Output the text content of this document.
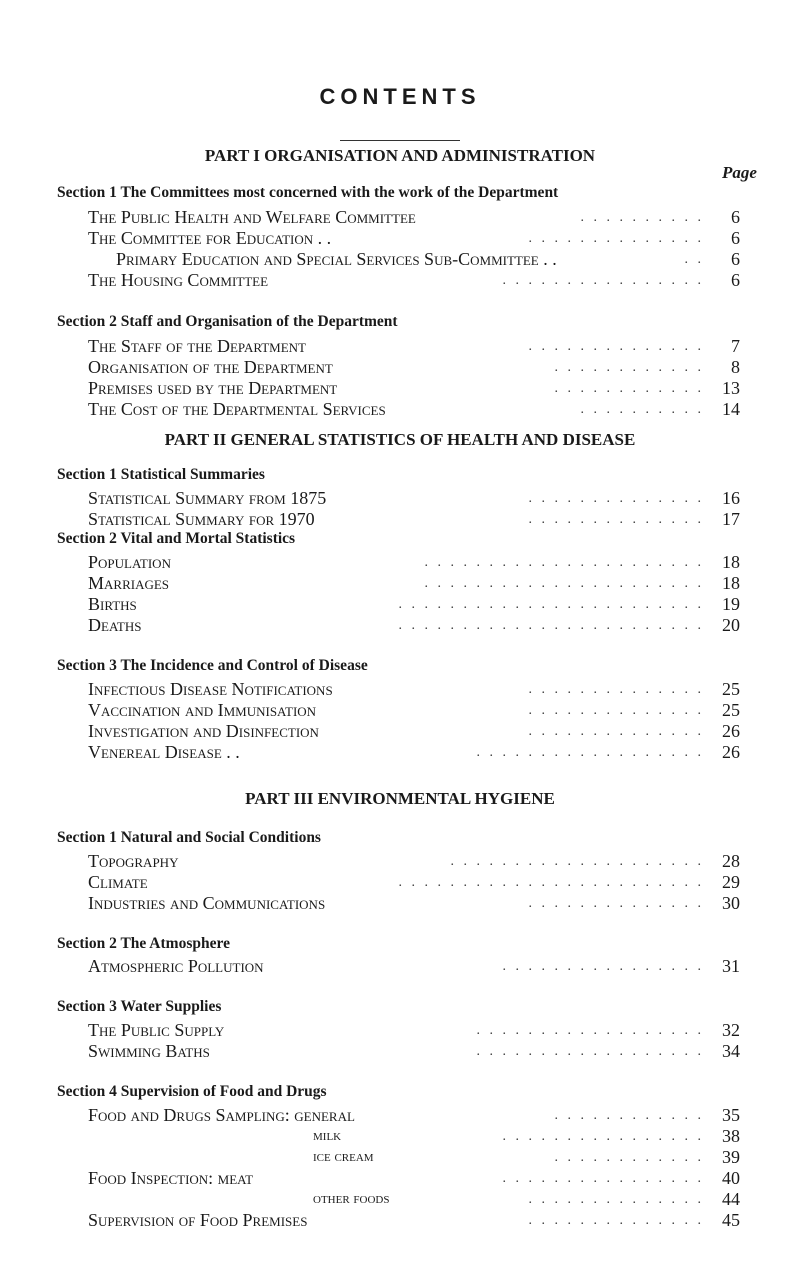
CONTENTS
Page
PART I ORGANISATION AND ADMINISTRATION
Section 1 The Committees most concerned with the work of the Department
The Public Health and Welfare Committee	. . . . . . . . . .	6
The Committee for Education . .	. . . . . . . . . . . . . .	6
Primary Education and Special Services Sub-Committee . .	. .	6
The Housing Committee	. . . . . . . . . . . . . . . .	6
Section 2 Staff and Organisation of the Department
The Staff of the Department	. . . . . . . . . . . . . .	7
Organisation of the Department	. . . . . . . . . . . .	8
Premises used by the Department	. . . . . . . . . . . .	13
The Cost of the Departmental Services	. . . . . . . . . .	14
PART II GENERAL STATISTICS OF HEALTH AND DISEASE
Section 1 Statistical Summaries
Statistical Summary from 1875	. . . . . . . . . . . . . .	16
Statistical Summary for 1970	. . . . . . . . . . . . . .	17
Section 2 Vital and Mortal Statistics
Population	. . . . . . . . . . . . . . . . . . . . . .	18
Marriages	. . . . . . . . . . . . . . . . . . . . . .	18
Births	. . . . . . . . . . . . . . . . . . . . . . . .	19
Deaths	. . . . . . . . . . . . . . . . . . . . . . . .	20
Section 3 The Incidence and Control of Disease
Infectious Disease Notifications	. . . . . . . . . . . . . .	25
Vaccination and Immunisation	. . . . . . . . . . . . . .	25
Investigation and Disinfection	. . . . . . . . . . . . . .	26
Venereal Disease . .	. . . . . . . . . . . . . . . . . .	26
PART III ENVIRONMENTAL HYGIENE
Section 1 Natural and Social Conditions
Topography	. . . . . . . . . . . . . . . . . . . .	28
Climate	. . . . . . . . . . . . . . . . . . . . . . . .	29
Industries and Communications	. . . . . . . . . . . . . .	30
Section 2 The Atmosphere
Atmospheric Pollution	. . . . . . . . . . . . . . . .	31
Section 3 Water Supplies
The Public Supply	. . . . . . . . . . . . . . . . . .	32
Swimming Baths	. . . . . . . . . . . . . . . . . .	34
Section 4 Supervision of Food and Drugs
Food and Drugs Sampling: general	. . . . . . . . . . . .	35
milk	. . . . . . . . . . . . . . . .	38
ice cream	. . . . . . . . . . . .	39
Food Inspection: meat	. . . . . . . . . . . . . . . .	40
other foods	. . . . . . . . . . . . . .	44
Supervision of Food Premises	. . . . . . . . . . . . . .	45
